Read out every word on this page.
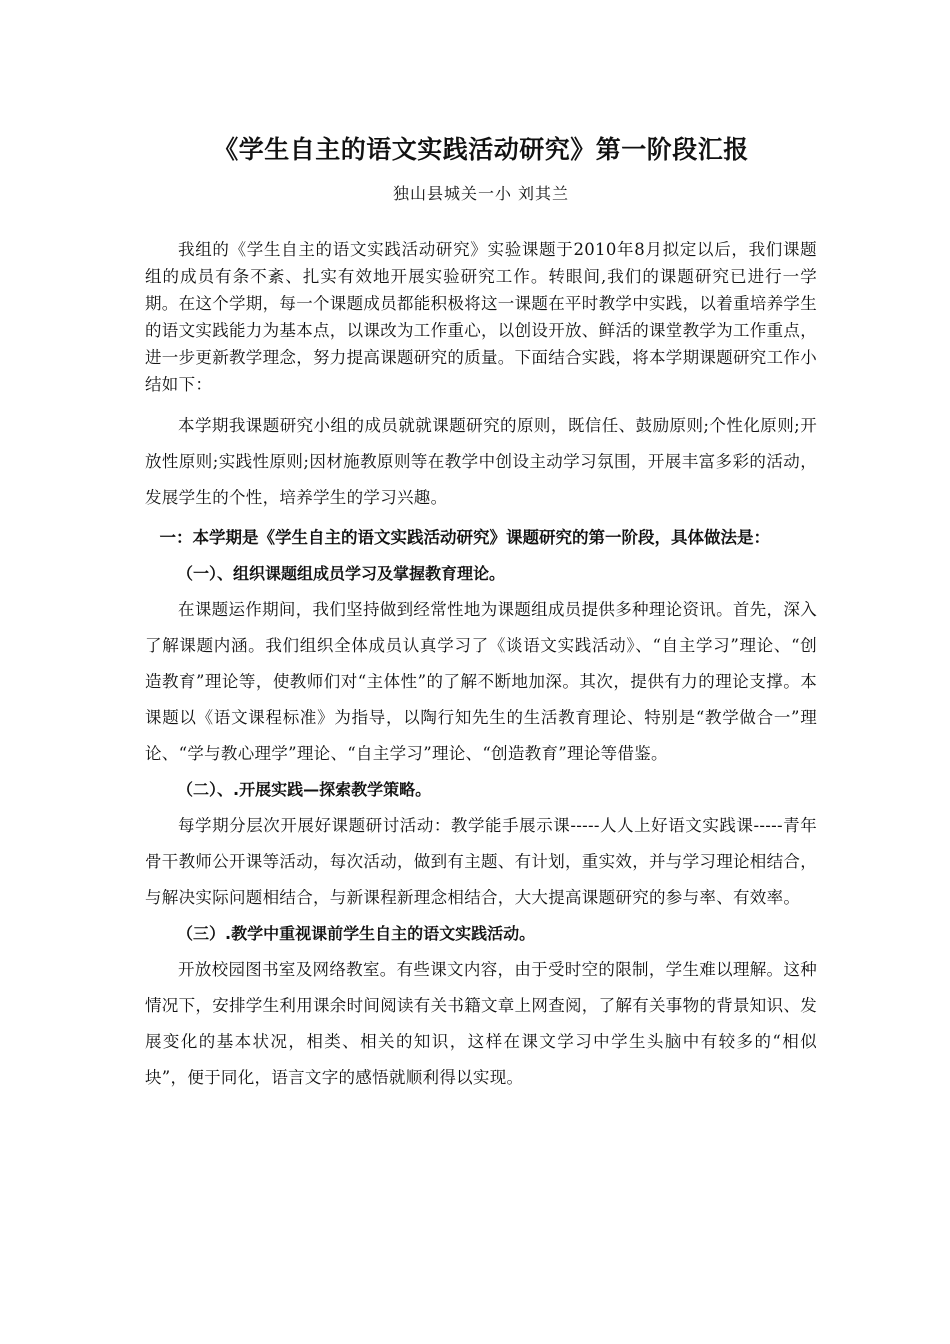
《学生自主的语文实践活动研究》第一阶段汇报
独山县城关一小 刘其兰

我组的《学生自主的语文实践活动研究》实验课题于2010年8月拟定以后，我们课题组的成员有条不紊、扎实有效地开展实验研究工作。转眼间,我们的课题研究已进行一学期。在这个学期，每一个课题成员都能积极将这一课题在平时教学中实践，以着重培养学生的语文实践能力为基本点，以课改为工作重心，以创设开放、鲜活的课堂教学为工作重点，进一步更新教学理念，努力提高课题研究的质量。下面结合实践，将本学期课题研究工作小结如下：

本学期我课题研究小组的成员就就课题研究的原则，既信任、鼓励原则;个性化原则;开放性原则;实践性原则;因材施教原则等在教学中创设主动学习氛围，开展丰富多彩的活动，发展学生的个性，培养学生的学习兴趣。

一：本学期是《学生自主的语文实践活动研究》课题研究的第一阶段，具体做法是：

（一）、组织课题组成员学习及掌握教育理论。

在课题运作期间，我们坚持做到经常性地为课题组成员提供多种理论资讯。首先，深入了解课题内涵。我们组织全体成员认真学习了《谈语文实践活动》、“自主学习”理论、“创造教育”理论等，使教师们对“主体性”的了解不断地加深。其次，提供有力的理论支撑。本课题以《语文课程标准》为指导，以陶行知先生的生活教育理论、特别是“教学做合一”理论、“学与教心理学”理论、“自主学习”理论、“创造教育”理论等借鉴。

（二）、.开展实践—探索教学策略。

每学期分层次开展好课题研讨活动：教学能手展示课-----人人上好语文实践课-----青年骨干教师公开课等活动，每次活动，做到有主题、有计划，重实效，并与学习理论相结合，与解决实际问题相结合，与新课程新理念相结合，大大提高课题研究的参与率、有效率。

（三）.教学中重视课前学生自主的语文实践活动。

开放校园图书室及网络教室。有些课文内容，由于受时空的限制，学生难以理解。这种情况下，安排学生利用课余时间阅读有关书籍文章上网查阅，了解有关事物的背景知识、发展变化的基本状况，相类、相关的知识，这样在课文学习中学生头脑中有较多的“相似块”，便于同化，语言文字的感悟就顺利得以实现。
